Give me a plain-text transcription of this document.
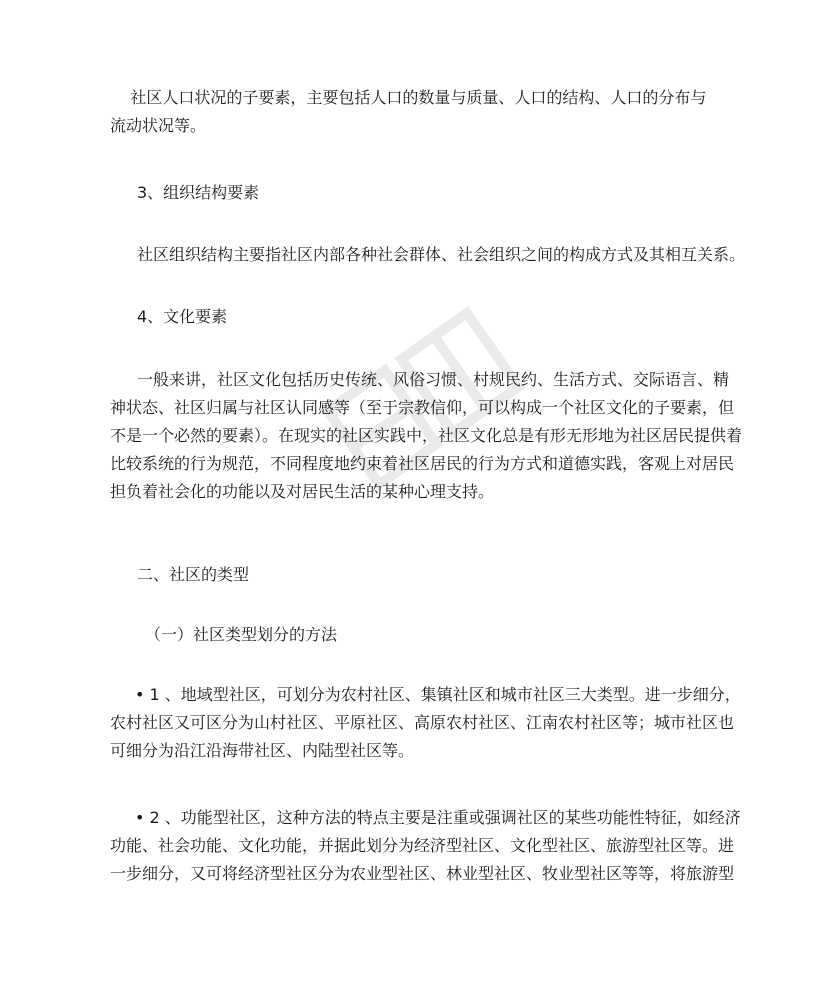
社区人口状况的子要素，主要包括人口的数量与质量、人口的结构、人口的分布与
流动状况等。

3、组织结构要素

社区组织结构主要指社区内部各种社会群体、社会组织之间的构成方式及其相互关系。

4、文化要素

一般来讲，社区文化包括历史传统、风俗习惯、村规民约、生活方式、交际语言、精
神状态、社区归属与社区认同感等（至于宗教信仰，可以构成一个社区文化的子要素，但
不是一个必然的要素）。在现实的社区实践中，社区文化总是有形无形地为社区居民提供着
比较系统的行为规范，不同程度地约束着社区居民的行为方式和道德实践，客观上对居民
担负着社会化的功能以及对居民生活的某种心理支持。

二、社区的类型

（一）社区类型划分的方法

• 1 、地域型社区，可划分为农村社区、集镇社区和城市社区三大类型。进一步细分，
农村社区又可区分为山村社区、平原社区、高原农村社区、江南农村社区等；城市社区也
可细分为沿江沿海带社区、内陆型社区等。

• 2 、功能型社区，这种方法的特点主要是注重或强调社区的某些功能性特征，如经济
功能、社会功能、文化功能，并据此划分为经济型社区、文化型社区、旅游型社区等。进
一步细分，又可将经济型社区分为农业型社区、林业型社区、牧业型社区等等，将旅游型
